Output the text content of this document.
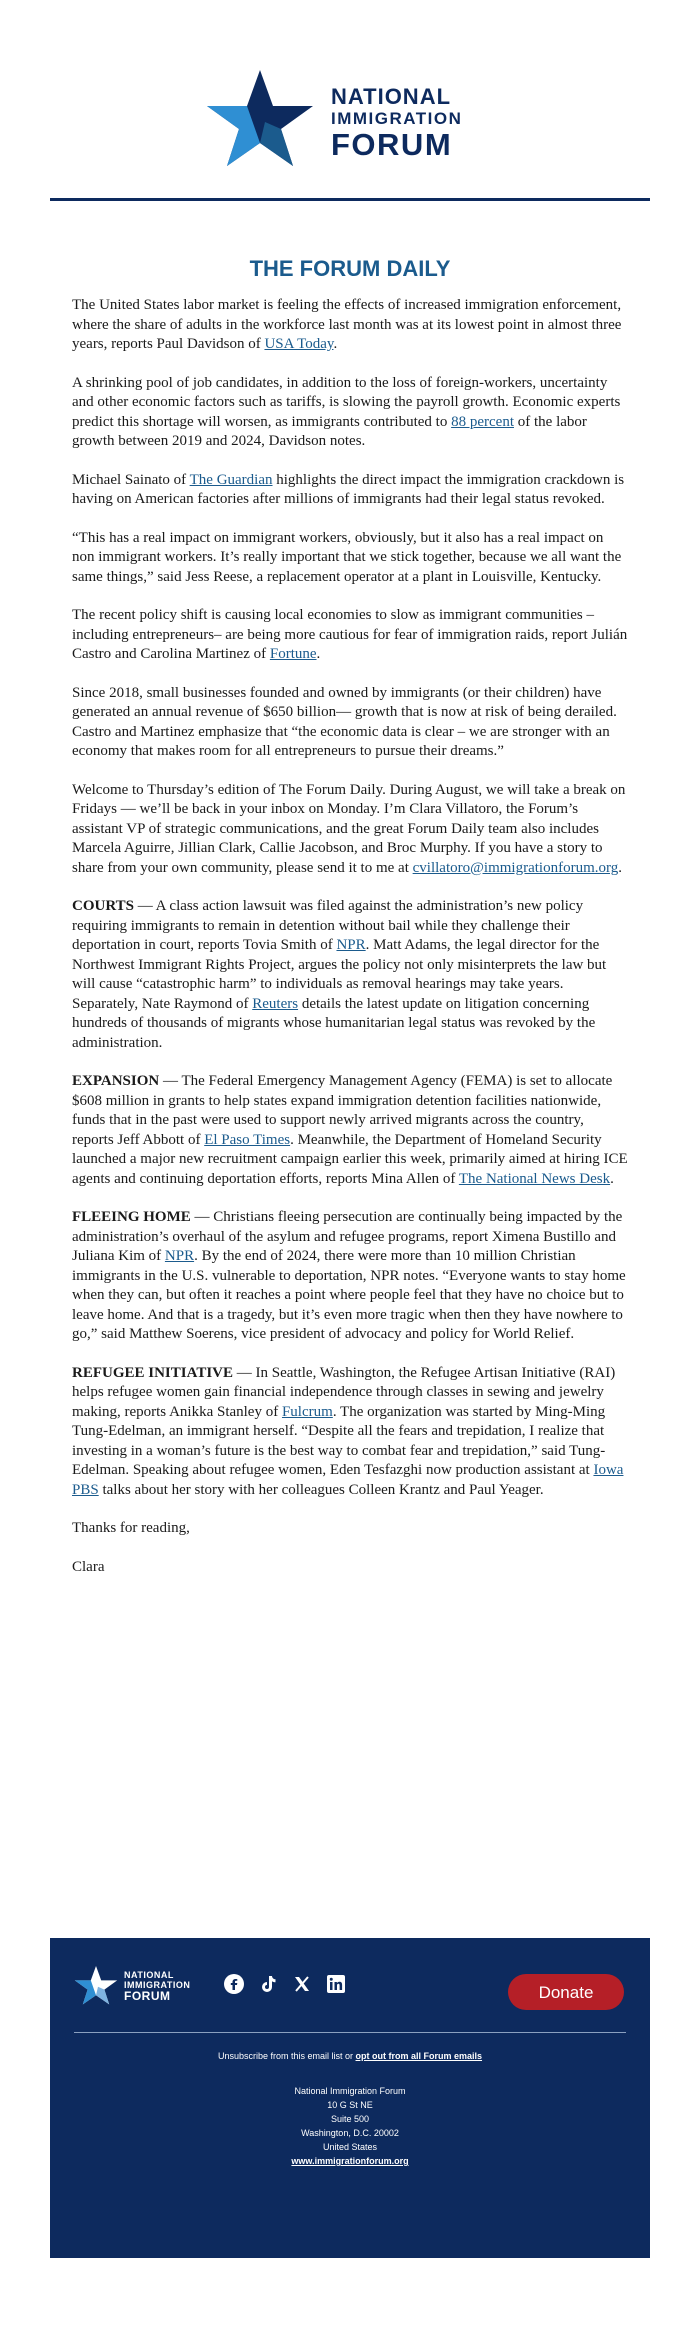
NATIONAL
IMMIGRATION
FORUM
THE FORUM DAILY

The United States labor market is feeling the effects of increased immigration enforcement, where the share of adults in the workforce last month was at its lowest point in almost three years, reports Paul Davidson of USA Today.

A shrinking pool of job candidates, in addition to the loss of foreign-workers, uncertainty and other economic factors such as tariffs, is slowing the payroll growth. Economic experts predict this shortage will worsen, as immigrants contributed to 88 percent of the labor growth between 2019 and 2024, Davidson notes.

Michael Sainato of The Guardian highlights the direct impact the immigration crackdown is having on American factories after millions of immigrants had their legal status revoked.

“This has a real impact on immigrant workers, obviously, but it also has a real impact on non immigrant workers. It’s really important that we stick together, because we all want the same things,” said Jess Reese, a replacement operator at a plant in Louisville, Kentucky.

The recent policy shift is causing local economies to slow as immigrant communities –including entrepreneurs– are being more cautious for fear of immigration raids, report Julián Castro and Carolina Martinez of Fortune.

Since 2018, small businesses founded and owned by immigrants (or their children) have generated an annual revenue of $650 billion— growth that is now at risk of being derailed. Castro and Martinez emphasize that “the economic data is clear – we are stronger with an economy that makes room for all entrepreneurs to pursue their dreams.”

Welcome to Thursday’s edition of The Forum Daily. During August, we will take a break on Fridays — we’ll be back in your inbox on Monday. I’m Clara Villatoro, the Forum’s assistant VP of strategic communications, and the great Forum Daily team also includes Marcela Aguirre, Jillian Clark, Callie Jacobson, and Broc Murphy. If you have a story to share from your own community, please send it to me at cvillatoro@immigrationforum.org.

COURTS — A class action lawsuit was filed against the administration’s new policy requiring immigrants to remain in detention without bail while they challenge their deportation in court, reports Tovia Smith of NPR. Matt Adams, the legal director for the Northwest Immigrant Rights Project, argues the policy not only misinterprets the law but will cause “catastrophic harm” to individuals as removal hearings may take years. Separately, Nate Raymond of Reuters details the latest update on litigation concerning hundreds of thousands of migrants whose humanitarian legal status was revoked by the administration.

EXPANSION — The Federal Emergency Management Agency (FEMA) is set to allocate $608 million in grants to help states expand immigration detention facilities nationwide, funds that in the past were used to support newly arrived migrants across the country, reports Jeff Abbott of El Paso Times. Meanwhile, the Department of Homeland Security launched a major new recruitment campaign earlier this week, primarily aimed at hiring ICE agents and continuing deportation efforts, reports Mina Allen of The National News Desk.

FLEEING HOME — Christians fleeing persecution are continually being impacted by the administration’s overhaul of the asylum and refugee programs, report Ximena Bustillo and Juliana Kim of NPR. By the end of 2024, there were more than 10 million Christian immigrants in the U.S. vulnerable to deportation, NPR notes. “Everyone wants to stay home when they can, but often it reaches a point where people feel that they have no choice but to leave home. And that is a tragedy, but it’s even more tragic when then they have nowhere to go,” said Matthew Soerens, vice president of advocacy and policy for World Relief.

REFUGEE INITIATIVE — In Seattle, Washington, the Refugee Artisan Initiative (RAI) helps refugee women gain financial independence through classes in sewing and jewelry making, reports Anikka Stanley of Fulcrum. The organization was started by Ming-Ming Tung-Edelman, an immigrant herself. “Despite all the fears and trepidation, I realize that investing in a woman’s future is the best way to combat fear and trepidation,” said Tung-Edelman. Speaking about refugee women, Eden Tesfazghi now production assistant at Iowa PBS talks about her story with her colleagues Colleen Krantz and Paul Yeager.

Thanks for reading,

Clara

NATIONAL
IMMIGRATION
FORUM	Donate
Unsubscribe from this email list or opt out from all Forum emails
National Immigration Forum
10 G St NE
Suite 500
Washington, D.C. 20002
United States
www.immigrationforum.org
